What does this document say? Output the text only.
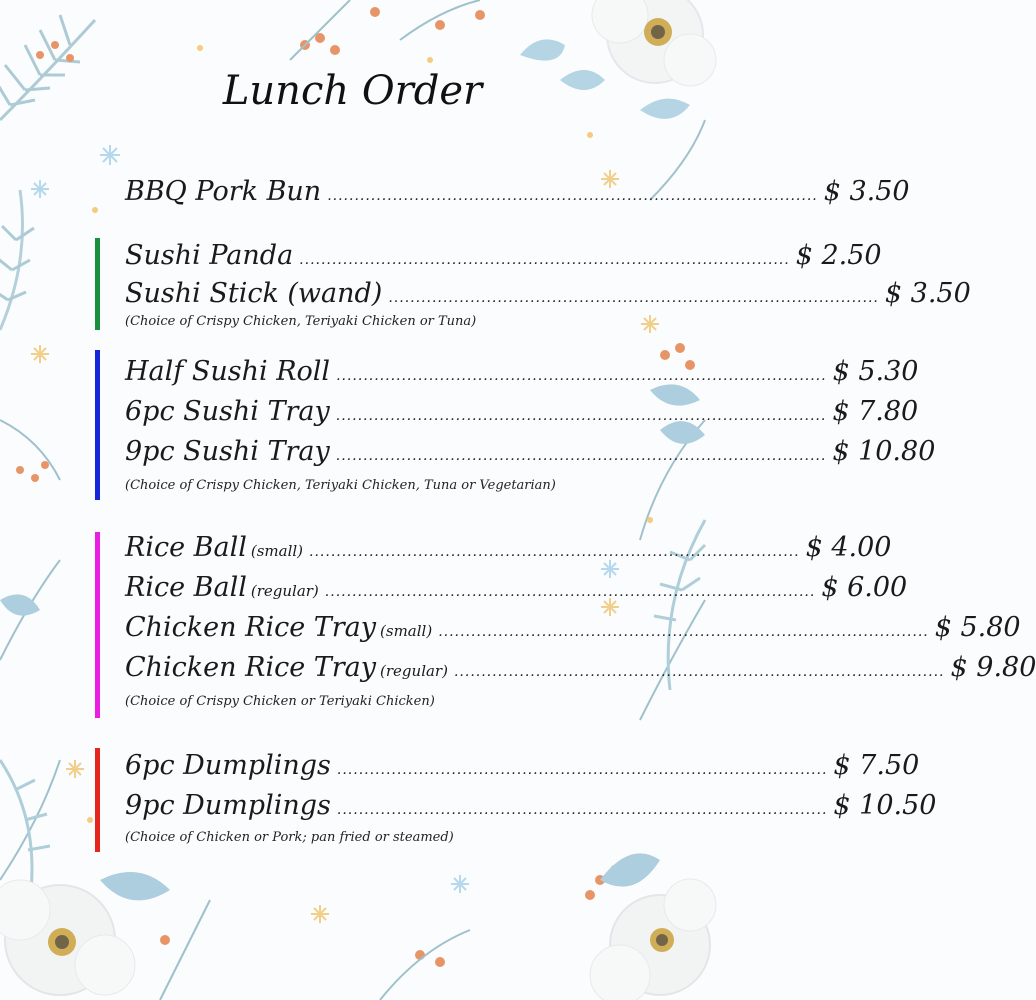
Lunch Order
BBQ Pork Bun .......................................................................................... $ 3.50
Sushi Panda .......................................................................................... $ 2.50
Sushi Stick (wand) .......................................................................................... $ 3.50
(Choice of Crispy Chicken, Teriyaki Chicken or Tuna)
Half Sushi Roll .......................................................................................... $ 5.30
6pc Sushi Tray .......................................................................................... $ 7.80
9pc Sushi Tray .......................................................................................... $ 10.80
(Choice of Crispy Chicken, Teriyaki Chicken, Tuna or Vegetarian)
Rice Ball (small) .......................................................................................... $ 4.00
Rice Ball (regular) .......................................................................................... $ 6.00
Chicken Rice Tray (small) .......................................................................................... $ 5.80
Chicken Rice Tray (regular) .......................................................................................... $ 9.80
(Choice of Crispy Chicken or Teriyaki Chicken)
6pc Dumplings .......................................................................................... $ 7.50
9pc Dumplings .......................................................................................... $ 10.50
(Choice of Chicken or Pork; pan fried or steamed)
